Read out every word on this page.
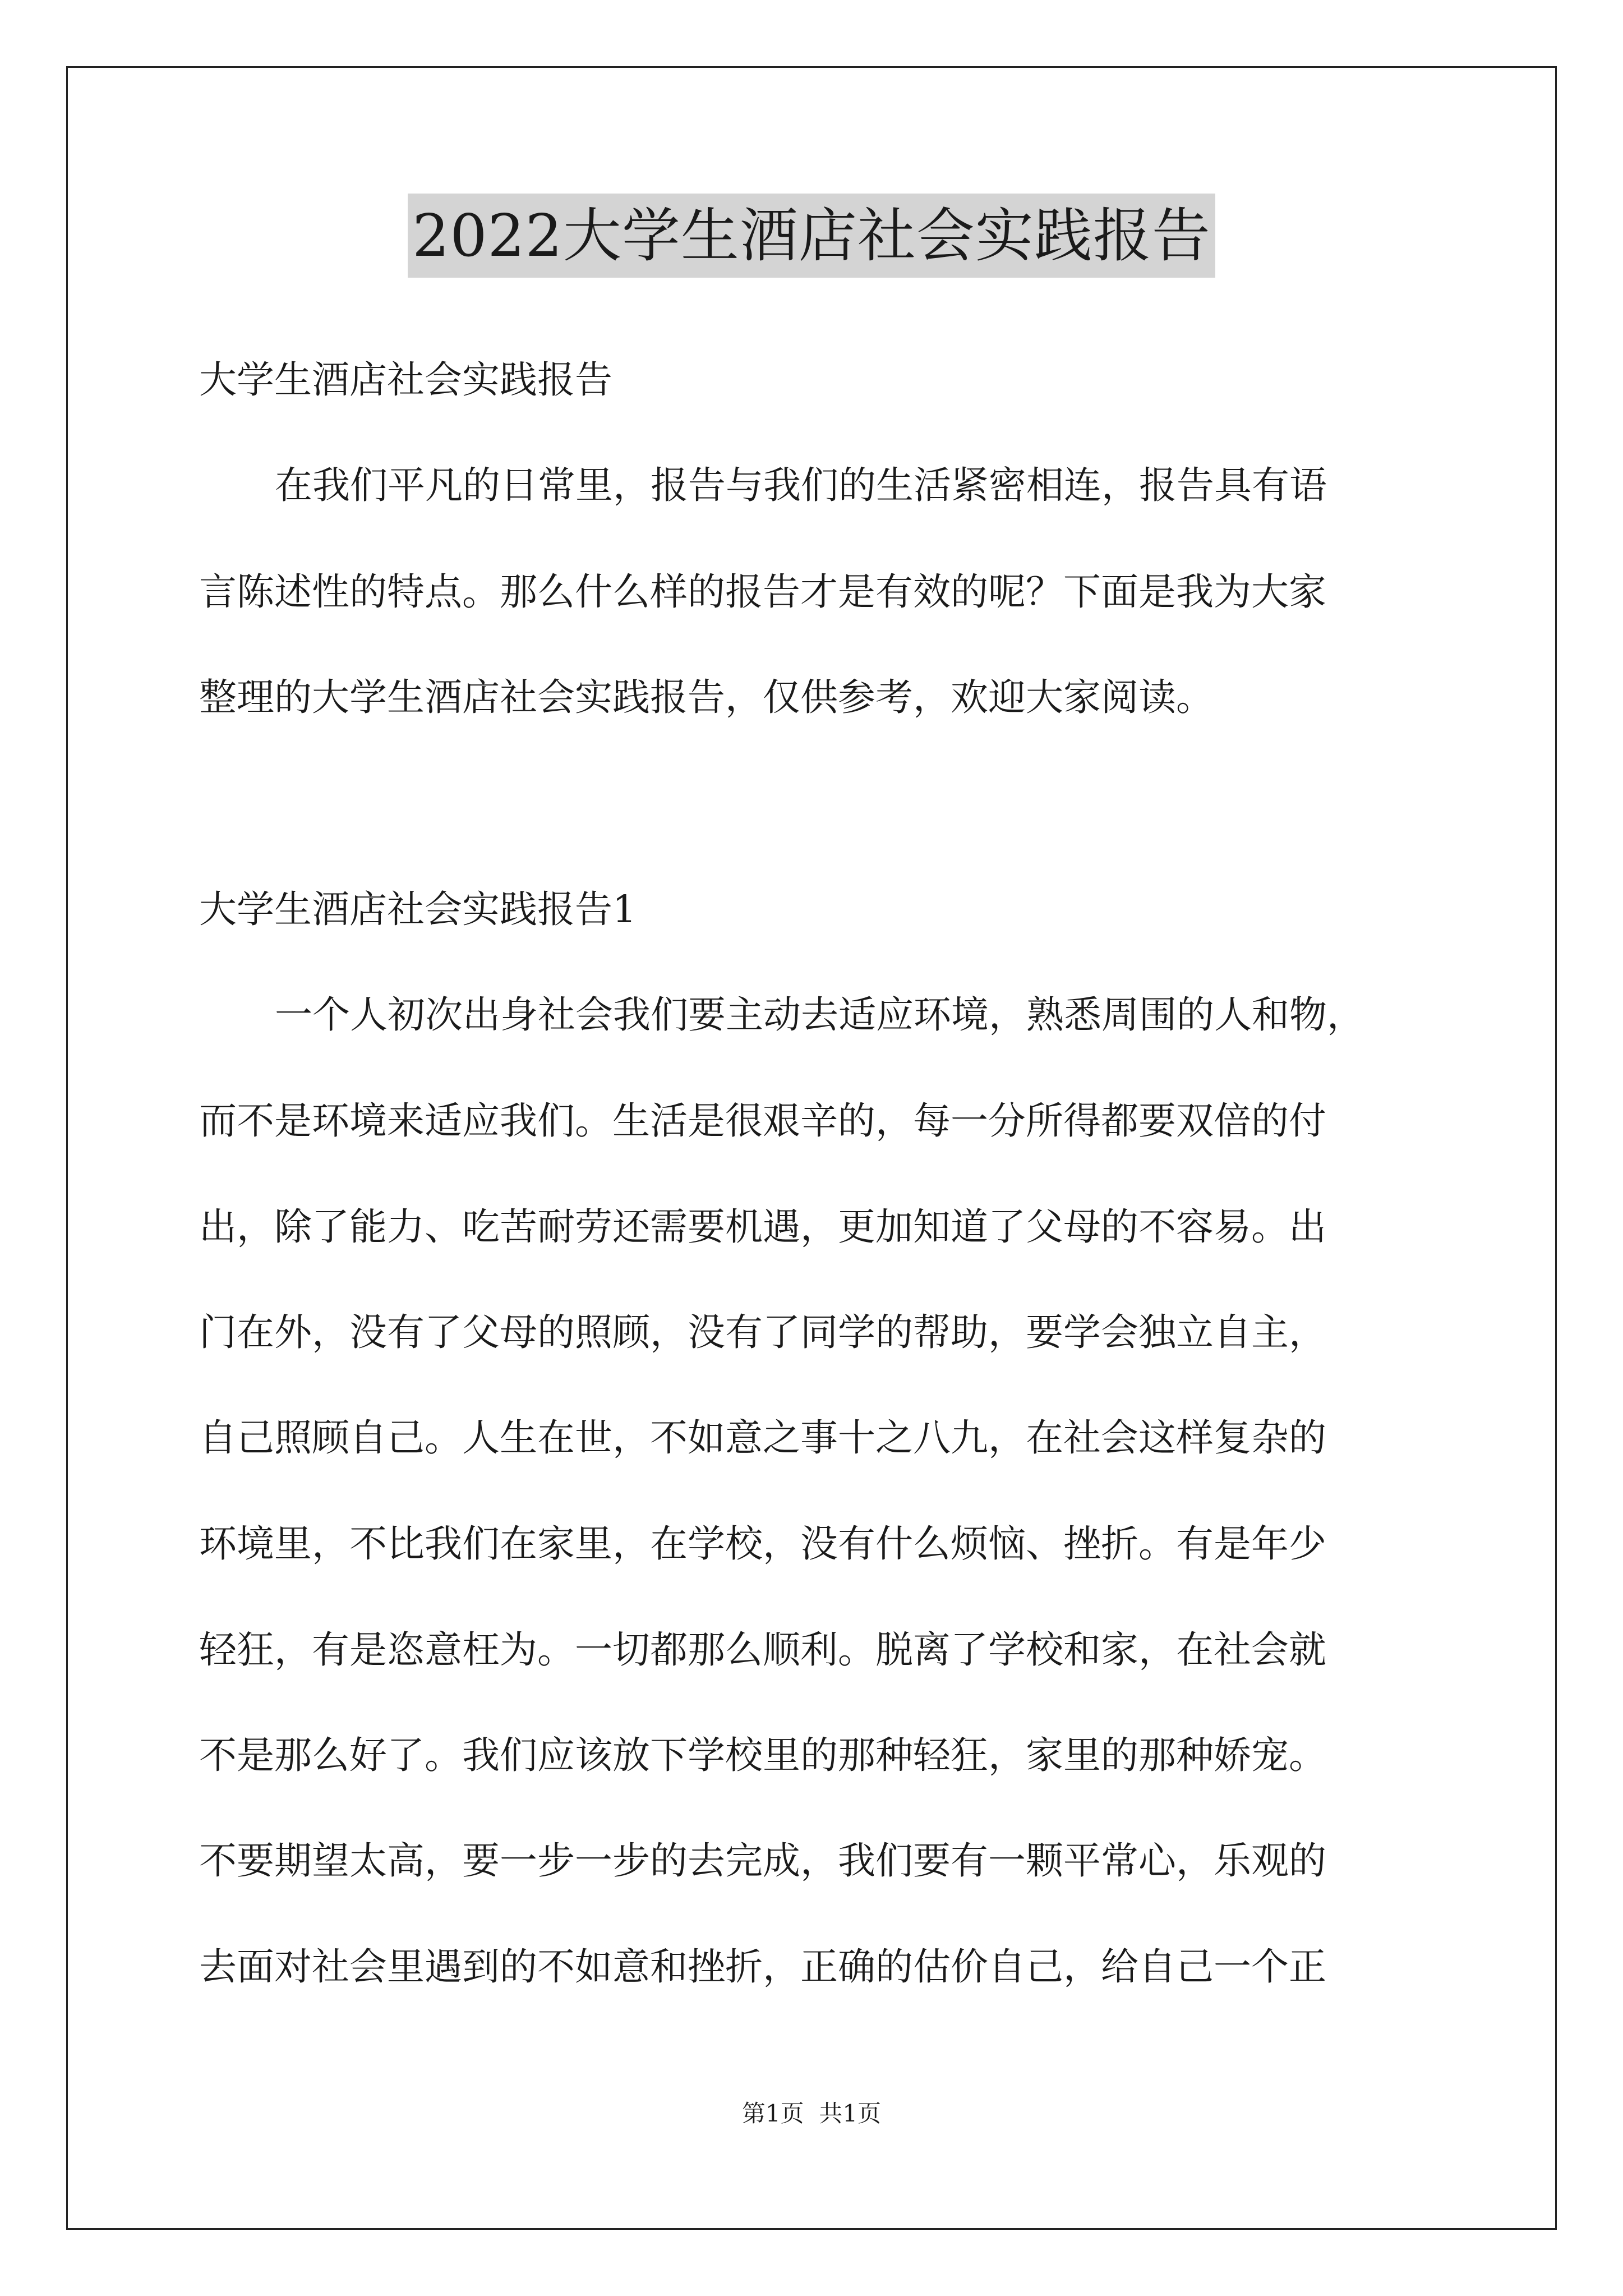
2022大学生酒店社会实践报告
大学生酒店社会实践报告
在我们平凡的日常里，报告与我们的生活紧密相连，报告具有语
言陈述性的特点。那么什么样的报告才是有效的呢？下面是我为大家
整理的大学生酒店社会实践报告，仅供参考，欢迎大家阅读。
大学生酒店社会实践报告1
一个人初次出身社会我们要主动去适应环境，熟悉周围的人和物，
而不是环境来适应我们。生活是很艰辛的，每一分所得都要双倍的付
出，除了能力、吃苦耐劳还需要机遇，更加知道了父母的不容易。出
门在外，没有了父母的照顾，没有了同学的帮助，要学会独立自主，
自己照顾自己。人生在世，不如意之事十之八九，在社会这样复杂的
环境里，不比我们在家里，在学校，没有什么烦恼、挫折。有是年少
轻狂，有是恣意枉为。一切都那么顺利。脱离了学校和家，在社会就
不是那么好了。我们应该放下学校里的那种轻狂，家里的那种娇宠。
不要期望太高，要一步一步的去完成，我们要有一颗平常心，乐观的
去面对社会里遇到的不如意和挫折，正确的估价自己，给自己一个正
第1页  共1页
